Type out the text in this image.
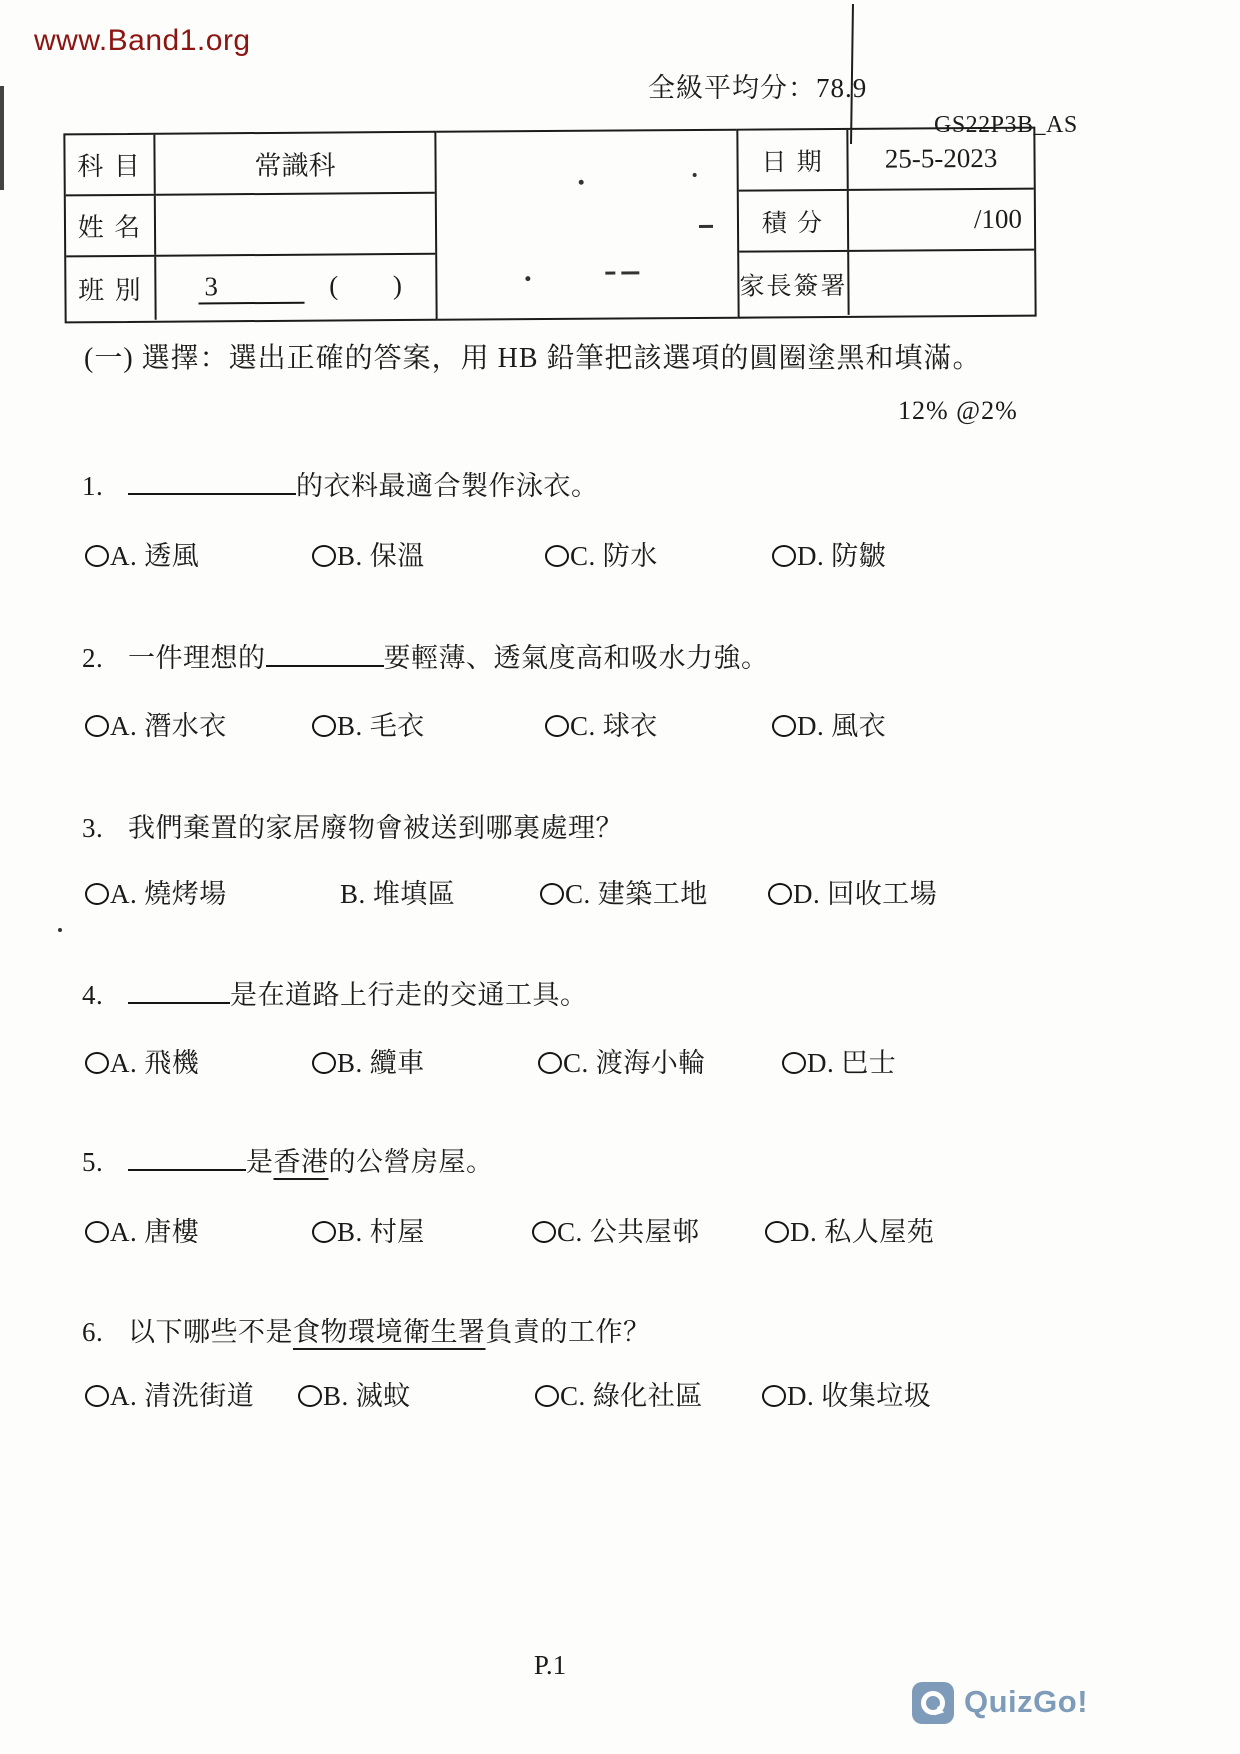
www.Band1.org
全級平均分：78.9
GS22P3B_AS
科 目	常識科
姓 名
班 別	3	( )
日 期	25-5-2023
積 分	/100
家長簽署
(一) 選擇：選出正確的答案，用 HB 鉛筆把該選項的圓圈塗黑和填滿。
12% @2%
1.	的衣料最適合製作泳衣。
A. 透風	B. 保溫	C. 防水	D. 防皺
2. 一件理想的	要輕薄、透氣度高和吸水力強。
A. 潛水衣	B. 毛衣	C. 球衣	D. 風衣
3. 我們棄置的家居廢物會被送到哪裏處理？
A. 燒烤場	B. 堆填區	C. 建築工地	D. 回收工場
4.	是在道路上行走的交通工具。
A. 飛機	B. 纜車	C. 渡海小輪	D. 巴士
5.	是香港的公營房屋。
A. 唐樓	B. 村屋	C. 公共屋邨	D. 私人屋苑
6. 以下哪些不是食物環境衛生署負責的工作？
A. 清洗街道	B. 滅蚊	C. 綠化社區	D. 收集垃圾
P.1
QuizGo!
